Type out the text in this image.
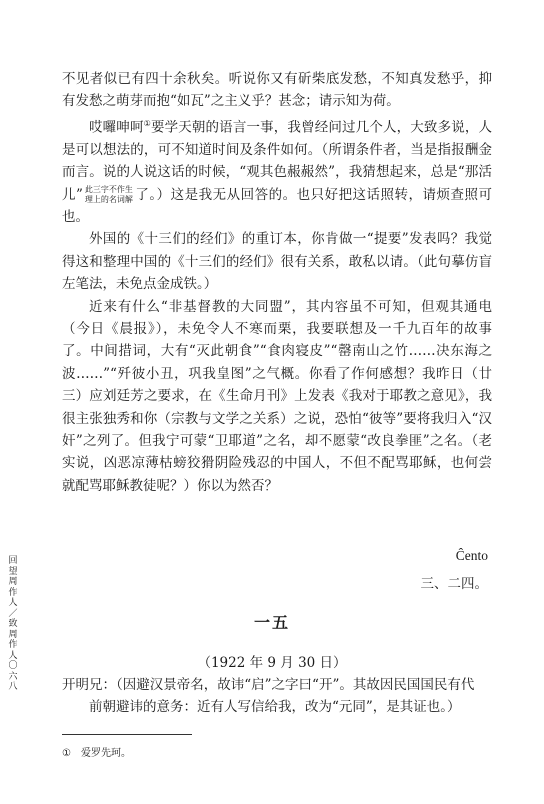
不见者似已有四十余秋矣。听说你又有斫柴底发愁，不知真发愁乎，抑有发愁之萌芽而抱“如瓦”之主义乎？甚念；请示知为荷。

哎囉呻呵①要学天朝的语言一事，我曾经问过几个人，大致多说，人是可以想法的，可不知道时间及条件如何。（所谓条件者，当是指报酬金而言。说的人说这话的时候，“观其色赧赧然”，我猜想起来，总是“那活儿” 此三字不作生
理上的名词解 了。）这是我无从回答的。也只好把这话照转，请烦查照可也。

外国的《十三们的经们》的重订本，你肯做一“提要”发表吗？我觉得这和整理中国的《十三们的经们》很有关系，敢私以请。（此句摹仿盲左笔法，未免点金成铁。）

近来有什么“非基督教的大同盟”，其内容虽不可知，但观其通电（今日《晨报》），未免令人不寒而栗，我要联想及一千九百年的故事了。中间措词，大有“灭此朝食”“食肉寝皮”“罄南山之竹……决东海之波……”“歼彼小丑，巩我皇图”之气概。你看了作何感想？我昨日（廿三）应刘廷芳之要求，在《生命月刊》上发表《我对于耶教之意见》，我很主张独秀和你（宗教与文学之关系）之说，恐怕“彼等”要将我归入“汉奸”之列了。但我宁可蒙“卫耶道”之名，却不愿蒙“改良拳匪”之名。（老实说，凶恶凉薄枯螃狡猾阴险残忍的中国人，不但不配骂耶稣，也何尝就配骂耶稣教徒呢？）你以为然否？

Ĉento
三、二四。
一五
（1922 年 9 月 30 日）
开明兄：（因避汉景帝名，故讳“启”之字曰“开”。其故因民国国民有代
前朝避讳的意务：近有人写信给我，改为“元同”，是其证也。）
回望周作人／致周作人　〇六八
① 爱罗先珂。
